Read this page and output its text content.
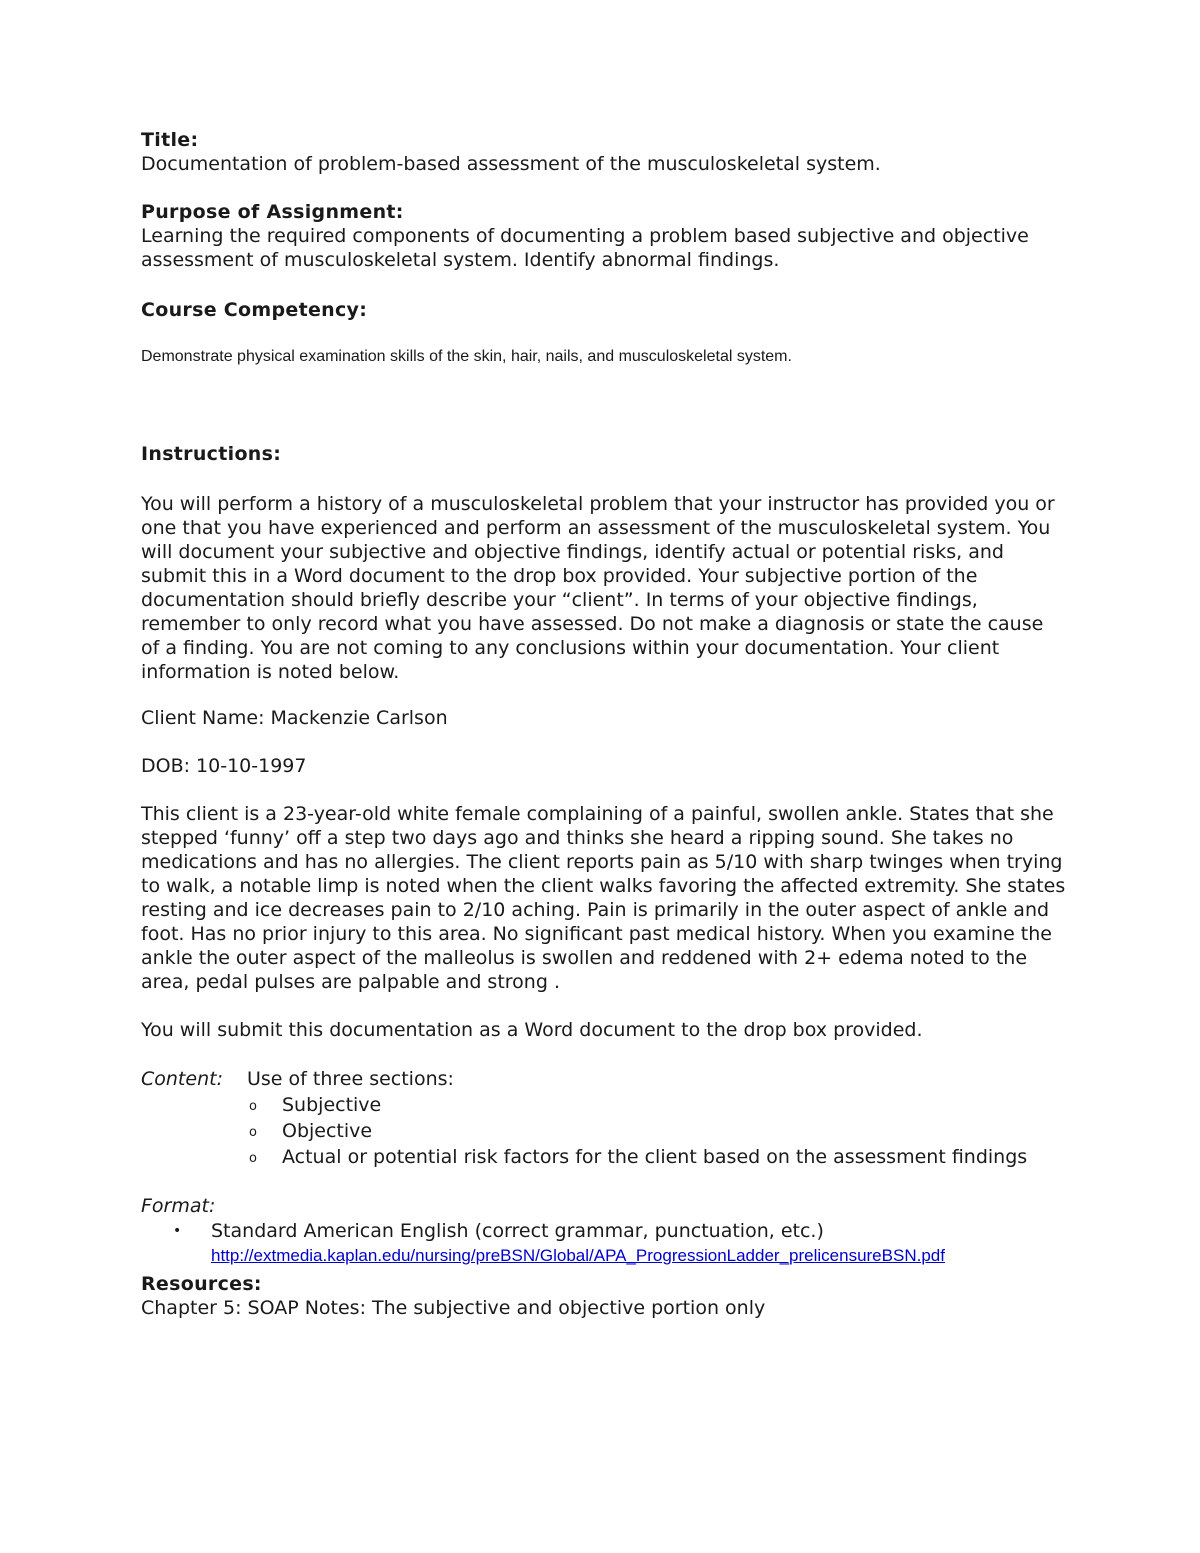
Title:

Documentation of problem-based assessment of the musculoskeletal system.

Purpose of Assignment:

Learning the required components of documenting a problem based subjective and objective assessment of musculoskeletal system. Identify abnormal findings.

Course Competency:

Demonstrate physical examination skills of the skin, hair, nails, and musculoskeletal system.

Instructions:

You will perform a history of a musculoskeletal problem that your instructor has provided you or one that you have experienced and perform an assessment of the musculoskeletal system. You will document your subjective and objective findings, identify actual or potential risks, and submit this in a Word document to the drop box provided. Your subjective portion of the documentation should briefly describe your “client”. In terms of your objective findings, remember to only record what you have assessed. Do not make a diagnosis or state the cause of a finding. You are not coming to any conclusions within your documentation. Your client information is noted below.

Client Name: Mackenzie Carlson

DOB: 10-10-1997

This client is a 23-year-old white female complaining of a painful, swollen ankle. States that she stepped ‘funny’ off a step two days ago and thinks she heard a ripping sound. She takes no medications and has no allergies. The client reports pain as 5/10 with sharp twinges when trying to walk, a notable limp is noted when the client walks favoring the affected extremity. She states resting and ice decreases pain to 2/10 aching. Pain is primarily in the outer aspect of ankle and foot. Has no prior injury to this area. No significant past medical history. When you examine the ankle the outer aspect of the malleolus is swollen and reddened with 2+ edema noted to the area, pedal pulses are palpable and strong .

You will submit this documentation as a Word document to the drop box provided.

Content:	Use of three sections:
o Subjective
o Objective
o Actual or potential risk factors for the client based on the assessment findings

Format:

• Standard American English (correct grammar, punctuation, etc.)
http://extmedia.kaplan.edu/nursing/preBSN/Global/APA_ProgressionLadder_prelicensureBSN.pdf

Resources:

Chapter 5: SOAP Notes: The subjective and objective portion only
